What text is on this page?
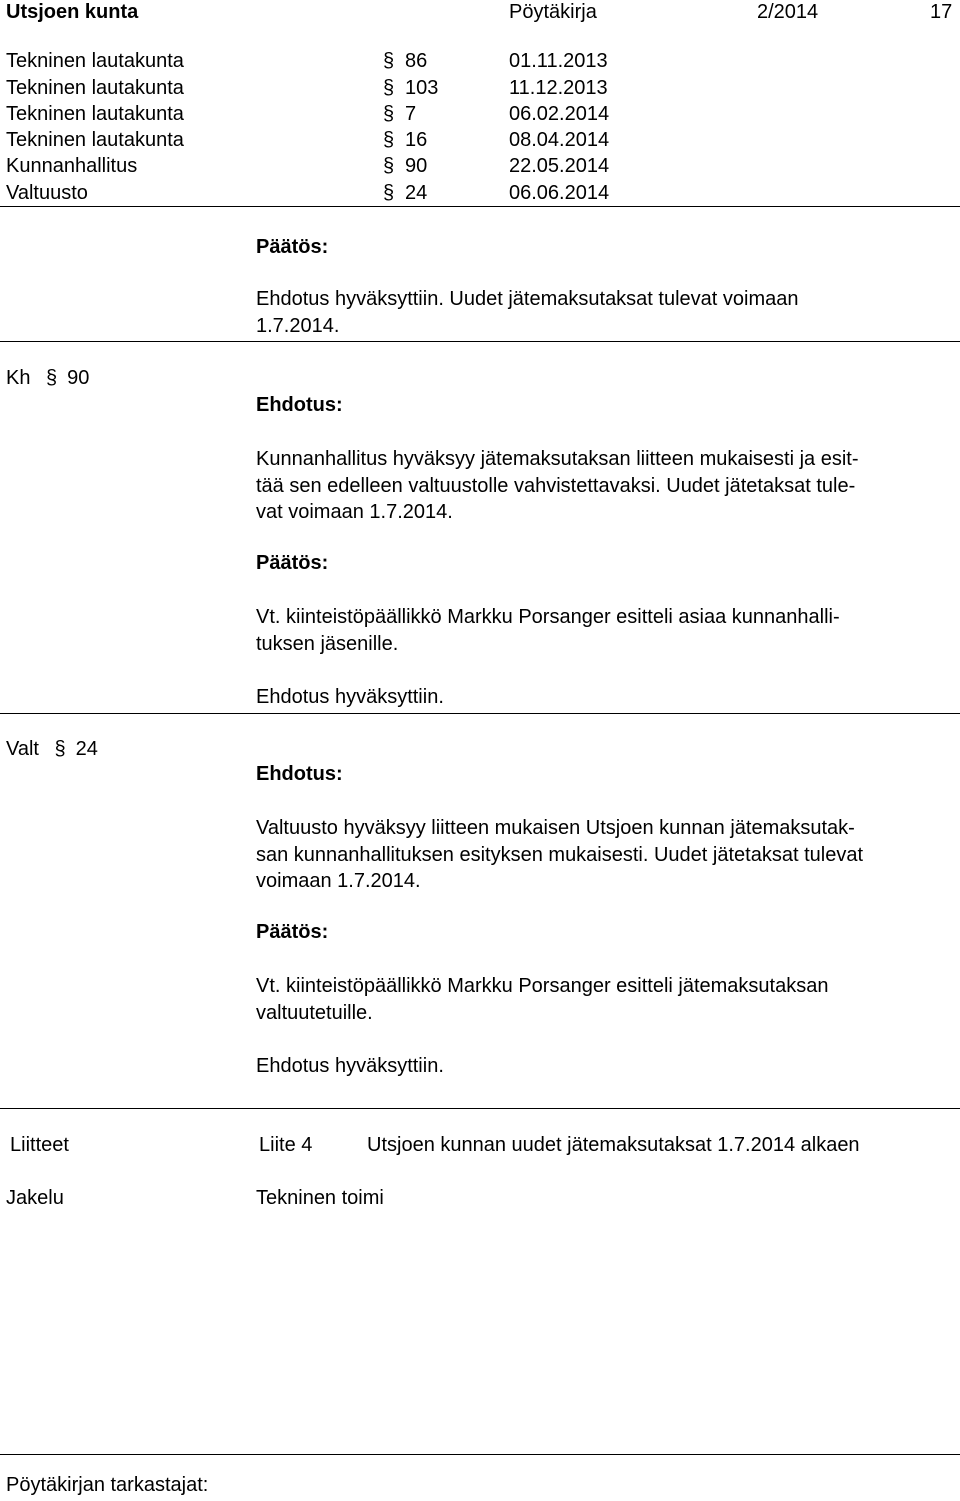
Utsjoen kunta	Pöytäkirja	2/2014	17
Tekninen lautakunta	§ 86	01.11.2013
Tekninen lautakunta	§ 103	11.12.2013
Tekninen lautakunta	§ 7	06.02.2014
Tekninen lautakunta	§ 16	08.04.2014
Kunnanhallitus	§ 90	22.05.2014
Valtuusto	§ 24	06.06.2014
Päätös:
Ehdotus hyväksyttiin. Uudet jätemaksutaksat tulevat voimaan
1.7.2014.
Kh § 90
Ehdotus:
Kunnanhallitus hyväksyy jätemaksutaksan liitteen mukaisesti ja esit-
tää sen edelleen valtuustolle vahvistettavaksi. Uudet jätetaksat tule-
vat voimaan 1.7.2014.
Päätös:
Vt. kiinteistöpäällikkö Markku Porsanger esitteli asiaa kunnanhalli-
tuksen jäsenille.
Ehdotus hyväksyttiin.
Valt § 24
Ehdotus:
Valtuusto hyväksyy liitteen mukaisen Utsjoen kunnan jätemaksutak-
san kunnanhallituksen esityksen mukaisesti. Uudet jätetaksat tulevat
voimaan 1.7.2014.
Päätös:
Vt. kiinteistöpäällikkö Markku Porsanger esitteli jätemaksutaksan
valtuutetuille.
Ehdotus hyväksyttiin.
Liitteet	Liite 4	Utsjoen kunnan uudet jätemaksutaksat 1.7.2014 alkaen
Jakelu	Tekninen toimi
Pöytäkirjan tarkastajat:
